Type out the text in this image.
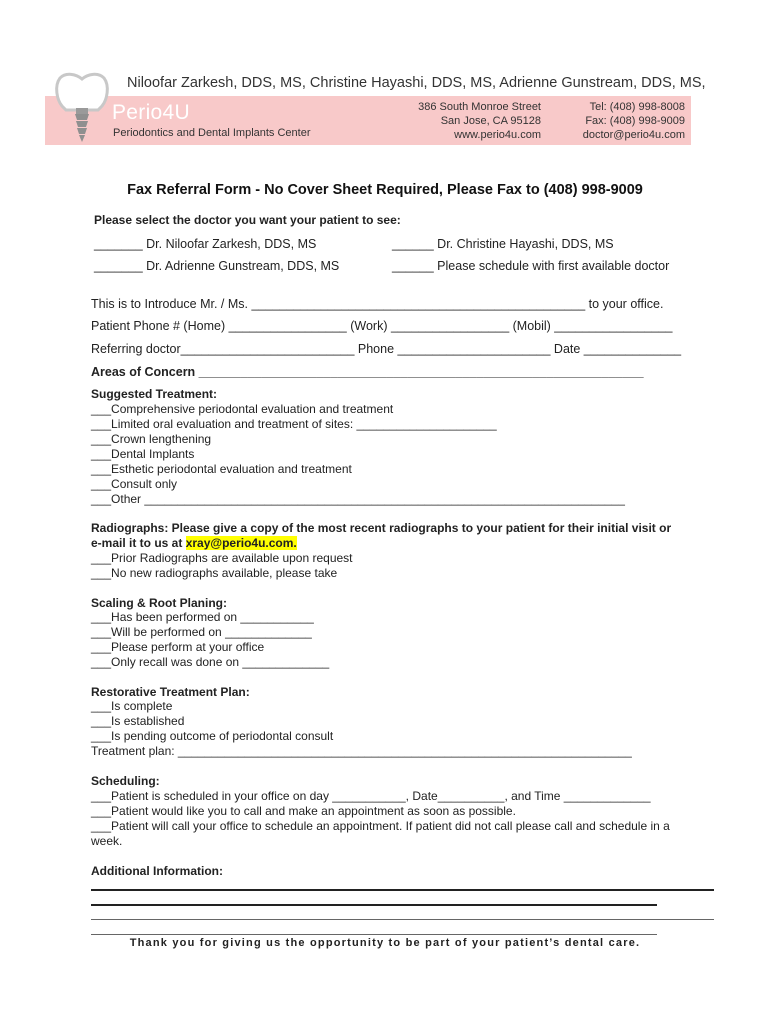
Niloofar Zarkesh, DDS, MS, Christine Hayashi, DDS, MS, Adrienne Gunstream, DDS, MS,
Perio4U
Periodontics and Dental Implants Center
386 South Monroe Street
San Jose, CA 95128
www.perio4u.com
Tel: (408) 998-8008
Fax: (408) 998-9009
doctor@perio4u.com
Fax Referral Form - No Cover Sheet Required, Please Fax to (408) 998-9009
Please select the doctor you want your patient to see:
_______ Dr. Niloofar Zarkesh, DDS, MS	______ Dr. Christine Hayashi, DDS, MS
_______ Dr. Adrienne Gunstream, DDS, MS	______ Please schedule with first available doctor
This is to Introduce Mr. / Ms. ________________________________________________ to your office.
Patient Phone # (Home) _________________ (Work) _________________ (Mobil) _________________
Referring doctor_________________________ Phone ______________________ Date ______________
Areas of Concern ________________________________________________________________
Suggested Treatment:
___Comprehensive periodontal evaluation and treatment
___Limited oral evaluation and treatment of sites: _____________________
___Crown lengthening
___Dental Implants
___Esthetic periodontal evaluation and treatment
___Consult only
___Other ________________________________________________________________________
Radiographs: Please give a copy of the most recent radiographs to your patient for their initial visit or
e-mail it to us at xray@perio4u.com.
___Prior Radiographs are available upon request
___No new radiographs available, please take
Scaling & Root Planing:
___Has been performed on ___________
___Will be performed on _____________
___Please perform at your office
___Only recall was done on _____________
Restorative Treatment Plan:
___Is complete
___Is established
___Is pending outcome of periodontal consult
Treatment plan: ____________________________________________________________________
Scheduling:
___Patient is scheduled in your office on day ___________, Date__________, and Time _____________
___Patient would like you to call and make an appointment as soon as possible.
___Patient will call your office to schedule an appointment. If patient did not call please call and schedule in a
week.
Additional Information:
Thank you for giving us the opportunity to be part of your patient’s dental care.
